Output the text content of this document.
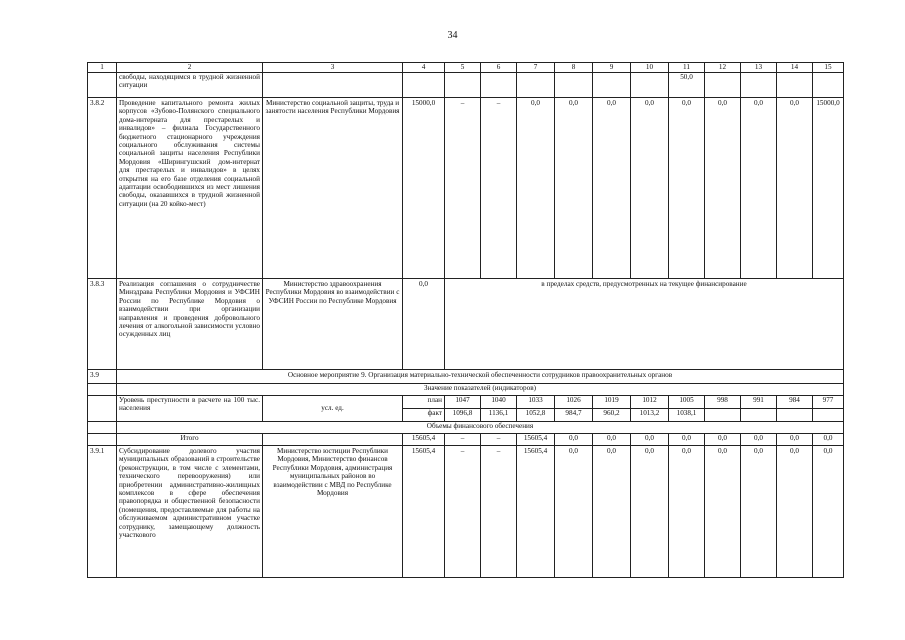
34
1	2	3	4	5	6	7	8	9	10	11	12	13	14	15
	свободы, находящимся в трудной жизненной ситуации									50,0				
3.8.2	Проведение капитального ремонта жилых корпусов «Зубово-Полянского специального дома-интерната для престарелых и инвалидов» – филиала Государственного бюджетного стационарного учреждения социального обслуживания системы социальной защиты населения Республики Мордовия «Ширингушский дом-интернат для престарелых и инвалидов» в целях открытия на его базе отделения социальной адаптации освободившихся из мест лишения свободы, оказавшихся в трудной жизненной ситуации (на 20 койко-мест)	Министерство социальной защиты, труда и занятости населения Республики Мордовия	15000,0	–	–	0,0	0,0	0,0	0,0	0,0	0,0	0,0	0,0	15000,0
3.8.3	Реализация соглашения о сотрудничестве Минздрава Республики Мордовия и УФСИН России по Республике Мордовия о взаимодействии при организации направления и проведения добровольного лечения от алкогольной зависимости условно осужденных лиц	Министерство здравоохранения Республики Мордовия во взаимодействии с УФСИН России по Республике Мордовия	0,0	в пределах средств, предусмотренных на текущее финансирование										
3.9	Основное мероприятие 9. Организация материально-технической обеспеченности сотрудников правоохранительных органов													
	Значение показателей (индикаторов)													
	Уровень преступности в расчете на 100 тыс. населения	усл. ед.	план	1047	1040	1033	1026	1019	1012	1005	998	991	984	977
			факт	1096,8	1136,1	1052,8	984,7	960,2	1013,2	1038,1				
	Объемы финансового обеспечения													
	Итого		15605,4	–	–	15605,4	0,0	0,0	0,0	0,0	0,0	0,0	0,0	0,0
3.9.1	Субсидирование долевого участия муниципальных образований в строительстве (реконструкции, в том числе с элементами, технического перевооружения) или приобретении административно-жилищных комплексов в сфере обеспечения правопорядка и общественной безопасности (помещения, предоставляемые для работы на обслуживаемом административном участке сотруднику, замещающему должность участкового	Министерство юстиции Республики Мордовия, Министерство финансов Республики Мордовия, администрация муниципальных районов во взаимодействии с МВД по Республике Мордовия	15605,4	–	–	15605,4	0,0	0,0	0,0	0,0	0,0	0,0	0,0	0,0
